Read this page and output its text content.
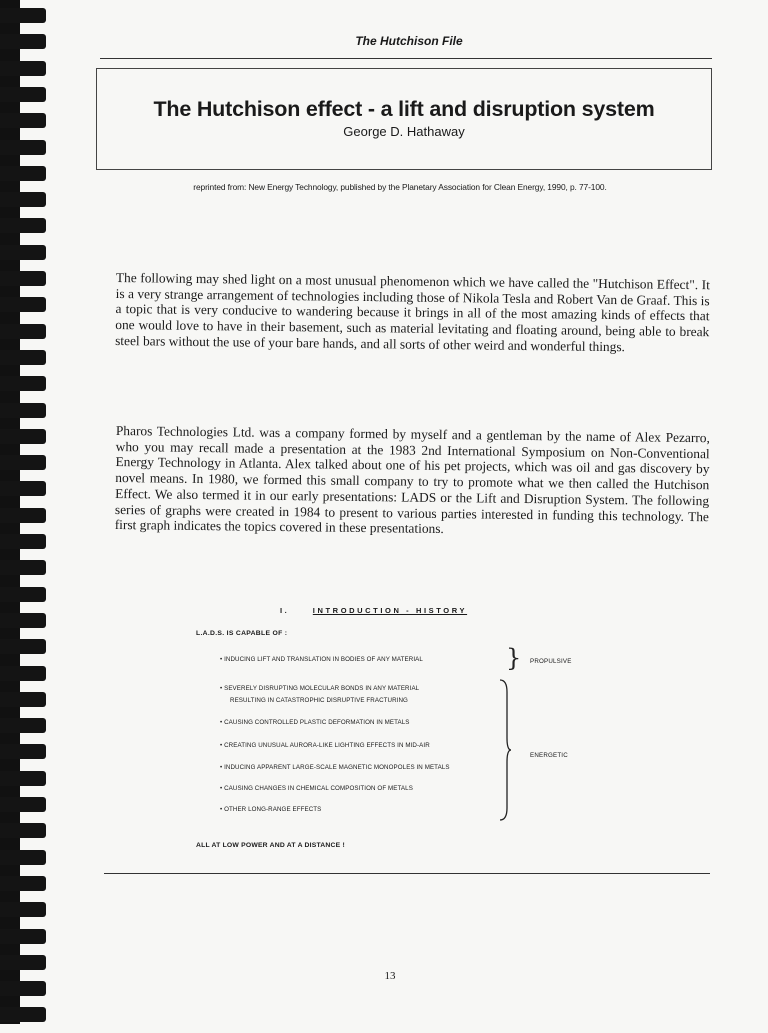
The Hutchison File
The Hutchison effect - a lift and disruption system
George D. Hathaway
reprinted from: New Energy Technology, published by the Planetary Association for Clean Energy, 1990, p. 77-100.
The following may shed light on a most unusual phenomenon which we have called the "Hutchison Effect". It is a very strange arrangement of technologies including those of Nikola Tesla and Robert Van de Graaf. This is a topic that is very conducive to wandering because it brings in all of the most amazing kinds of effects that one would love to have in their basement, such as material levitating and floating around, being able to break steel bars without the use of your bare hands, and all sorts of other weird and wonderful things.
Pharos Technologies Ltd. was a company formed by myself and a gentleman by the name of Alex Pezarro, who you may recall made a presentation at the 1983 2nd International Symposium on Non-Conventional Energy Technology in Atlanta. Alex talked about one of his pet projects, which was oil and gas discovery by novel means. In 1980, we formed this small company to try to promote what we then called the Hutchison Effect. We also termed it in our early presentations: LADS or the Lift and Disruption System. The following series of graphs were created in 1984 to present to various parties interested in funding this technology. The first graph indicates the topics covered in these presentations.
I.	INTRODUCTION - HISTORY
L.A.D.S. IS CAPABLE OF :
• INDUCING LIFT AND TRANSLATION IN BODIES OF ANY MATERIAL
• SEVERELY DISRUPTING MOLECULAR BONDS IN ANY MATERIAL
RESULTING IN CATASTROPHIC DISRUPTIVE FRACTURING
• CAUSING CONTROLLED PLASTIC DEFORMATION IN METALS
• CREATING UNUSUAL AURORA-LIKE LIGHTING EFFECTS IN MID-AIR
• INDUCING APPARENT LARGE-SCALE MAGNETIC MONOPOLES IN METALS
• CAUSING CHANGES IN CHEMICAL COMPOSITION OF METALS
• OTHER LONG-RANGE EFFECTS
} PROPULSIVE
ENERGETIC
ALL AT LOW POWER AND AT A DISTANCE !
13
